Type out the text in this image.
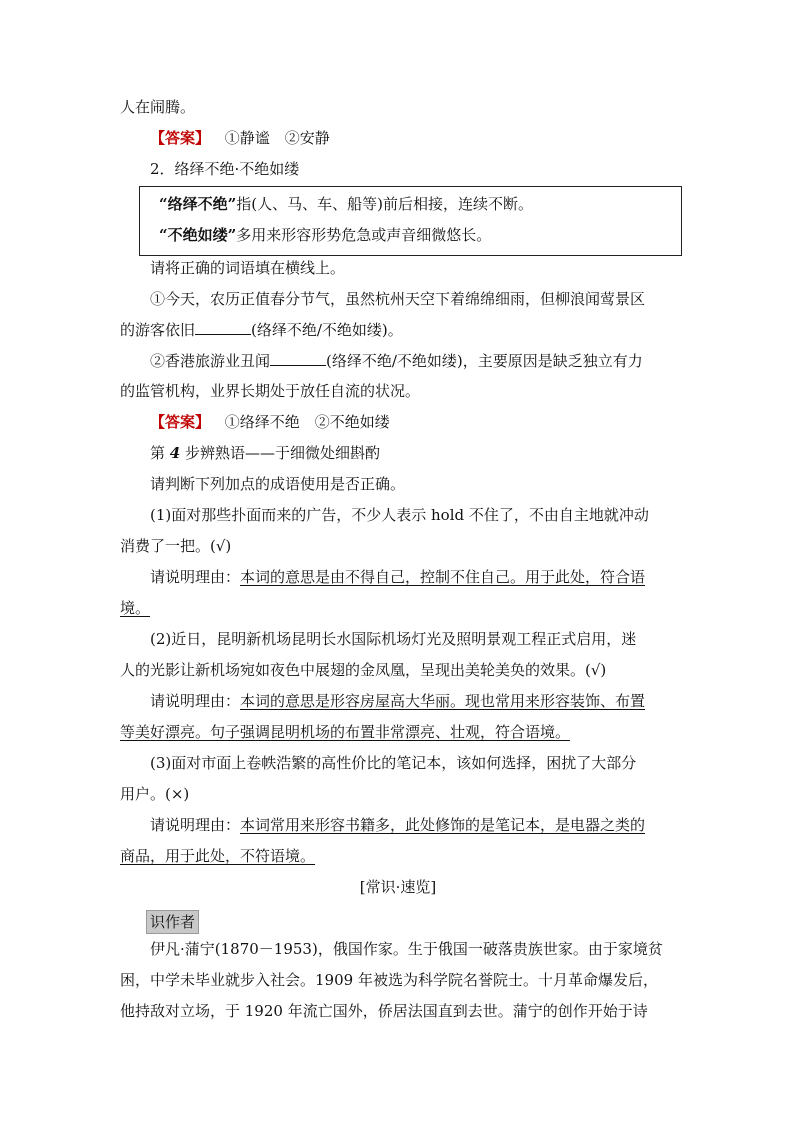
人在闹腾。
【答案】 ①静谧　②安静
2．络绎不绝·不绝如缕
“络绎不绝”指(人、马、车、船等)前后相接，连续不断。
“不绝如缕”多用来形容形势危急或声音细微悠长。
请将正确的词语填在横线上。
①今天，农历正值春分节气，虽然杭州天空下着绵绵细雨，但柳浪闻莺景区
的游客依旧	(络绎不绝/不绝如缕)。
②香港旅游业丑闻	(络绎不绝/不绝如缕)，主要原因是缺乏独立有力
的监管机构，业界长期处于放任自流的状况。
【答案】 ①络绎不绝　②不绝如缕
第 4 步辨熟语——于细微处细斟酌
请判断下列加点的成语使用是否正确。
(1)面对那些扑面而来的广告，不少人表示 hold 不住了，不由自主地就冲动
消费了一把。(√)
请说明理由：本词的意思是由不得自己，控制不住自己。用于此处，符合语
境。
(2)近日，昆明新机场昆明长水国际机场灯光及照明景观工程正式启用，迷
人的光影让新机场宛如夜色中展翅的金凤凰，呈现出美轮美奂的效果。(√)
请说明理由：本词的意思是形容房屋高大华丽。现也常用来形容装饰、布置
等美好漂亮。句子强调昆明机场的布置非常漂亮、壮观，符合语境。
(3)面对市面上卷帙浩繁的高性价比的笔记本，该如何选择，困扰了大部分
用户。(×)
请说明理由：本词常用来形容书籍多，此处修饰的是笔记本，是电器之类的
商品，用于此处，不符语境。
[常识·速览]
识作者
伊凡·蒲宁(1870－1953)，俄国作家。生于俄国一破落贵族世家。由于家境贫
困，中学未毕业就步入社会。1909 年被选为科学院名誉院士。十月革命爆发后，
他持敌对立场，于 1920 年流亡国外，侨居法国直到去世。蒲宁的创作开始于诗
